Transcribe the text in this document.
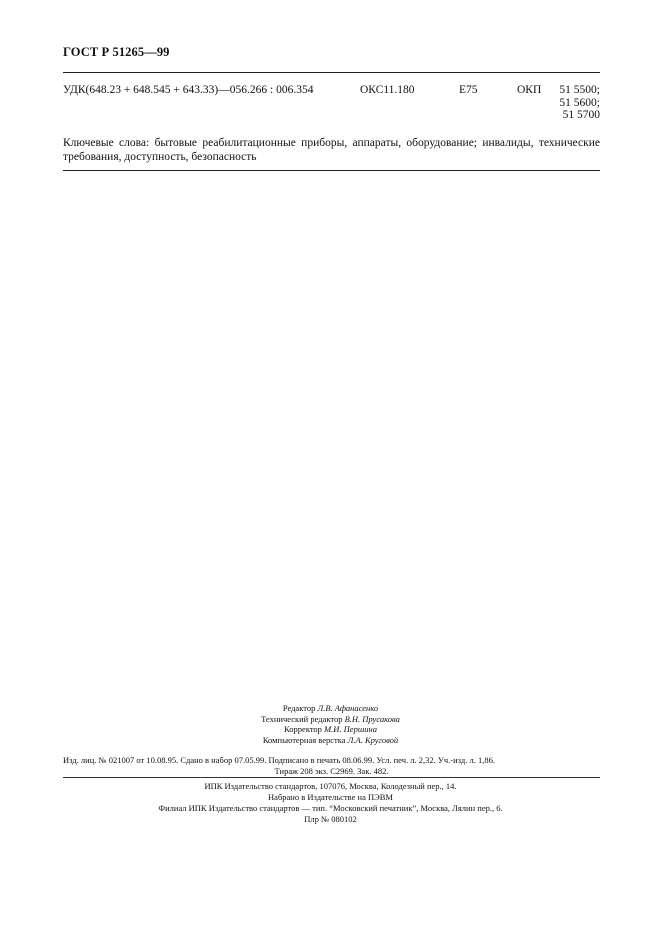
ГОСТ Р 51265—99
УДК(648.23 + 648.545 + 643.33)—056.266 : 006.354	ОКС11.180	Е75	ОКП 51 5500;
51 5600;
51 5700
Ключевые слова: бытовые реабилитационные приборы, аппараты, оборудование; инвалиды, технические требования, доступность, безопасность
Редактор Л.В. Афанасенко
Технический редактор В.Н. Прусакова
Корректор М.И. Першина
Компьютерная верстка Л.А. Круговой
Изд. лиц. № 021007 от 10.08.95. Сдано в набор 07.05.99. Подписано в печать 08.06.99. Усл. печ. л. 2,32. Уч.-изд. л. 1,86.
Тираж 208 экз. С2969. Зак. 482.
ИПК Издательство стандартов, 107076, Москва, Колодезный пер., 14.
Набрано в Издательстве на ПЭВМ
Филиал ИПК Издательство стандартов — тип. “Московский печатник”, Москва, Лялин пер., 6.
Плр № 080102
